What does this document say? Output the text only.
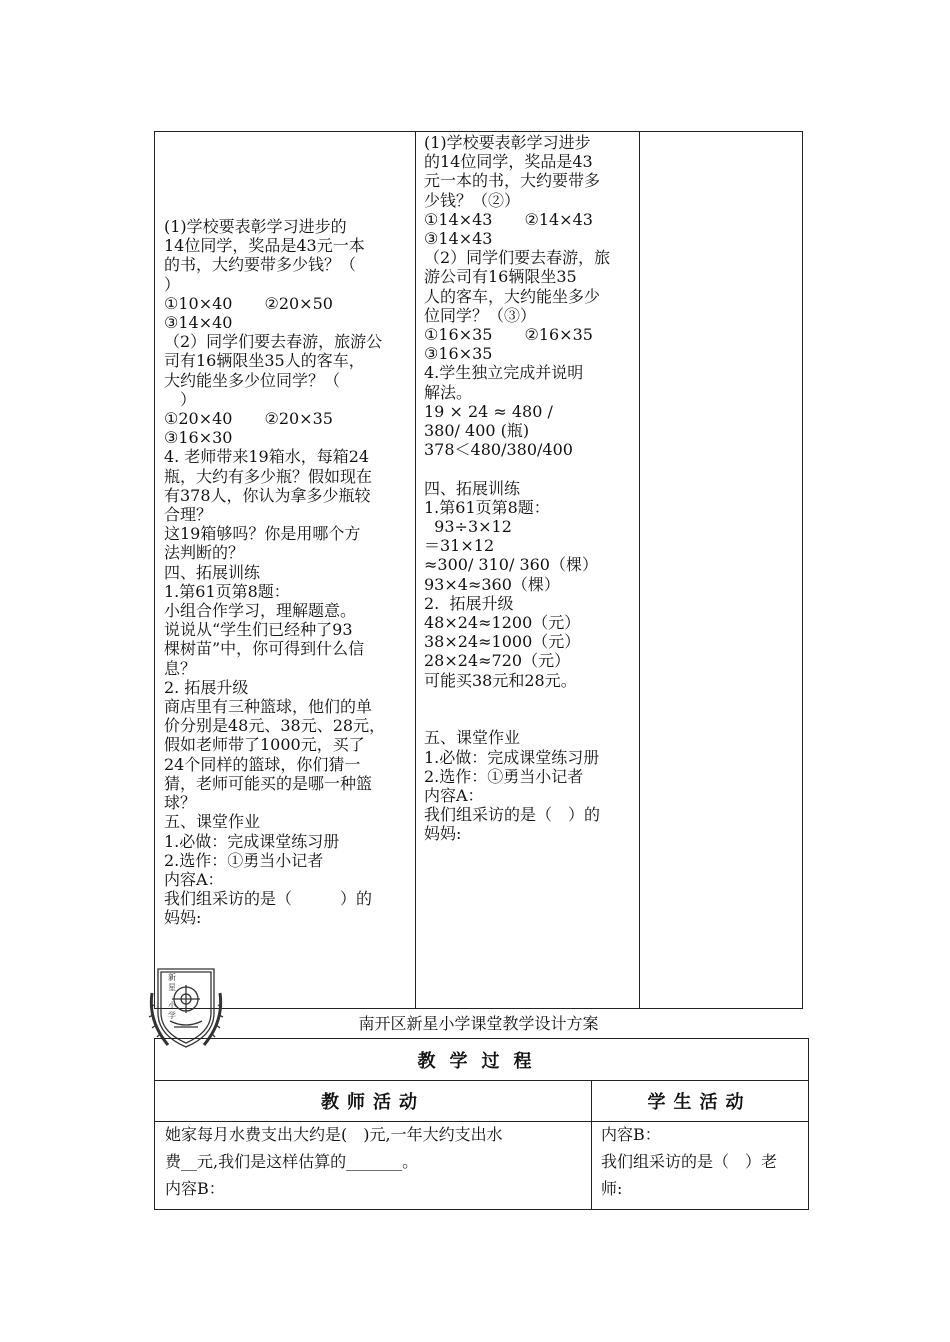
(1)学校要表彰学习进步的
14位同学，奖品是43元一本
的书，大约要带多少钱？（
）
①10×40　　②20×50
③14×40
（2）同学们要去春游，旅游公
司有16辆限坐35人的客车，
大约能坐多少位同学？（
　）
①20×40　　②20×35
③16×30
4. 老师带来19箱水，每箱24
瓶，大约有多少瓶？假如现在
有378人，你认为拿多少瓶较
合理？
这19箱够吗？你是用哪个方
法判断的？
四、拓展训练
1.第61页第8题：
小组合作学习，理解题意。
说说从“学生们已经种了93
棵树苗”中，你可得到什么信
息？
2. 拓展升级
商店里有三种篮球，他们的单
价分别是48元、38元、28元，
假如老师带了1000元，买了
24个同样的篮球，你们猜一
猜，老师可能买的是哪一种篮
球？
五、课堂作业
1.必做：完成课堂练习册
2.选作：①勇当小记者
内容A：
我们组采访的是（　　　）的
妈妈:
(1)学校要表彰学习进步
的14位同学，奖品是43
元一本的书，大约要带多
少钱？（②）
①14×43　　②14×43
③14×43
（2）同学们要去春游，旅
游公司有16辆限坐35
人的客车，大约能坐多少
位同学？（③）
①16×35　　②16×35
③16×35
4.学生独立完成并说明
解法。
19 × 24 ≈ 480 /
380/ 400 (瓶)
378＜480/380/400

四、拓展训练
1.第61页第8题：
93÷3×12
＝31×12
≈300/ 310/ 360（棵）
93×4≈360（棵）
2.  拓展升级
48×24≈1200（元）
38×24≈1000（元）
28×24≈720（元）
可能买38元和28元。

五、课堂作业
1.必做：完成课堂练习册
2.选作：①勇当小记者
内容A：
我们组采访的是（　）的
妈妈:
新
星
小
学	南开区新星小学课堂教学设计方案
教学过程
教师活动	学生活动
她家每月水费支出大约是(　)元,一年大约支出水
费__元,我们是这样估算的_______。
内容B：
内容B：
我们组采访的是（　）老
师:
